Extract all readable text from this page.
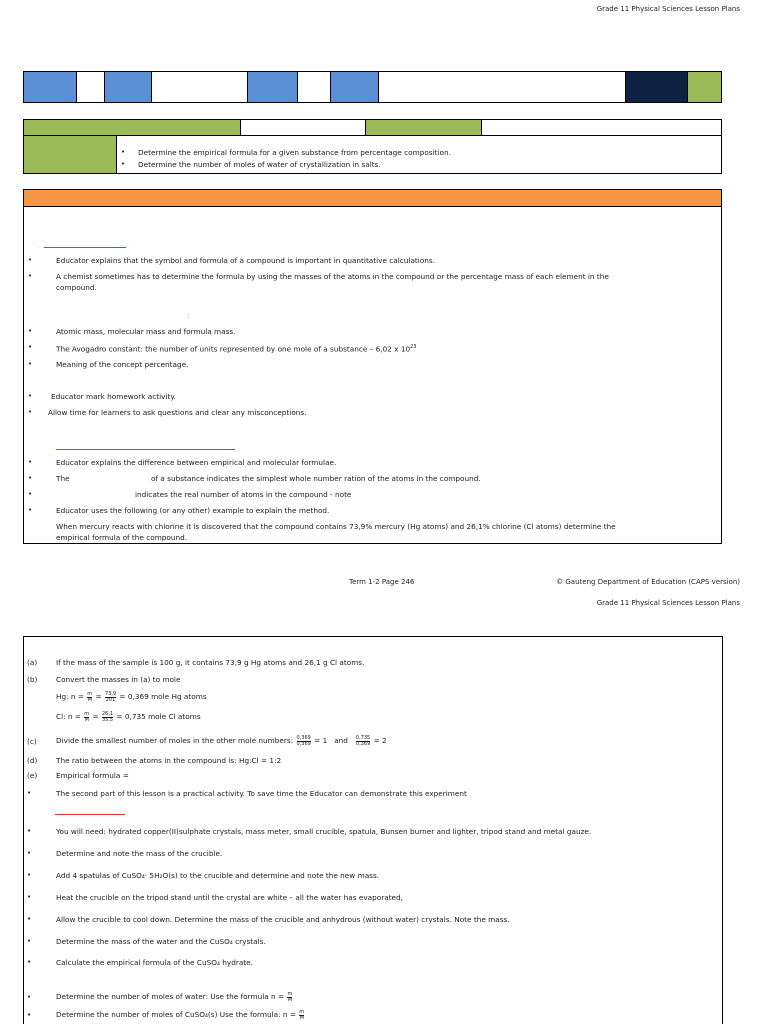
Grade 11 Physical Sciences Lesson Plans
• Determine the empirical formula for a given substance from percentage composition.
• Determine the number of moles of water of crystallization in salts.
•	Educator explains that the symbol and formula of a compound is important in quantitative calculations.
•	A chemist sometimes has to determine the formula by using the masses of the atoms in the compound or the percentage mass of each element in the
compound.
:
•	Atomic mass, molecular mass and formula mass.
•	The Avogadro constant: the number of units represented by one mole of a substance – 6,02 x $10^{23}$
•	Meaning of the concept percentage.
•	Educator mark homework activity.
• Allow time for learners to ask questions and clear any misconceptions.
•	Educator explains the difference between empirical and molecular formulae.
•	The	of a substance indicates the simplest whole number ration of the atoms in the compound.
•	indicates the real number of atoms in the compound - note
•	Educator uses the following (or any other) example to explain the method.
When mercury reacts with chlorine it is discovered that the compound contains 73,9% mercury (Hg atoms) and 26,1% chlorine (Cl atoms) determine the
empirical formula of the compound.
Term 1-2 Page 246	© Gauteng Department of Education (CAPS version)
Grade 11 Physical Sciences Lesson Plans
(a)	If the mass of the sample is 100 g, it contains 73,9 g Hg atoms and 26,1 g Cl atoms.
(b)	Convert the masses in (a) to mole
Hg: $n = \frac{m}{M} = \frac{73,9}{201} = 0,369$ mole Hg atoms
Cl: $n = \frac{m}{M} = \frac{26,1}{35,5} = 0,735$ mole Cl atoms
(c)	Divide the smallest number of moles in the other mole numbers: $\frac{0,369}{0,369} = 1$ and $\frac{0,735}{0,369} = 2$
(d)	The ratio between the atoms in the compound is: Hg:Cl = 1:2
(e)	Empirical formula =
•	The second part of this lesson is a practical activity. To save time the Educator can demonstrate this experiment
•	You will need: hydrated copper(II)sulphate crystals, mass meter, small crucible, spatula, Bunsen burner and lighter, tripod stand and metal gauze.
•	Determine and note the mass of the crucible.
•	Add 4 spatulas of CuSO₄· 5H₂O(s) to the crucible and determine and note the new mass.
•	Heat the crucible on the tripod stand until the crystal are white – all the water has evaporated,
•	Allow the crucible to cool down. Determine the mass of the crucible and anhydrous (without water) crystals. Note the mass.
•	Determine the mass of the water and the CuSO₄ crystals.
•	Calculate the empirical formula of the CuSO₄ hydrate.
•	Determine the number of moles of water: Use the formula $n = \frac{m}{M}$
•	Determine the number of moles of CuSO₄(s) Use the formula: $n = \frac{m}{M}$
